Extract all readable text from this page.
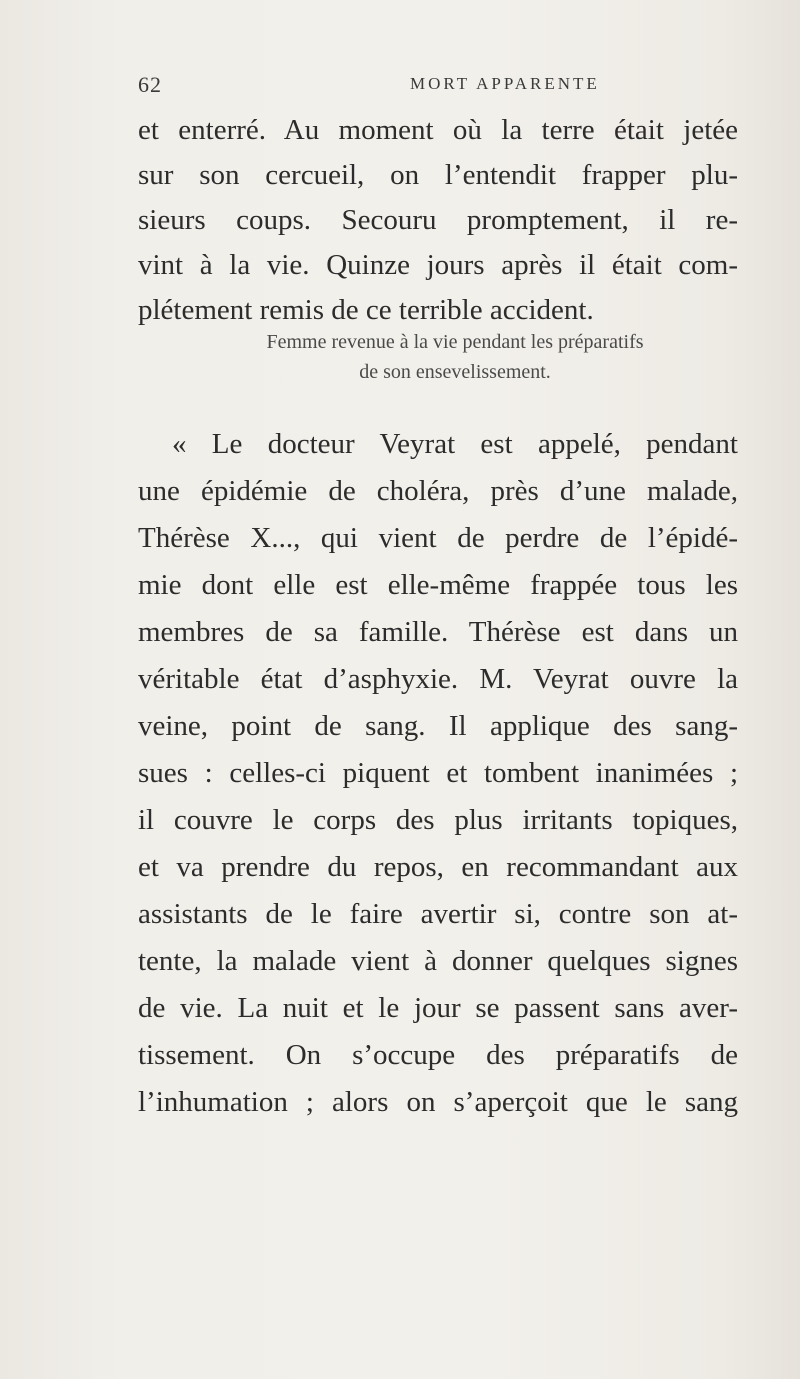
62	MORT APPARENTE
et enterré. Au moment où la terre était jetée
sur son cercueil, on l’entendit frapper plu-
sieurs coups. Secouru promptement, il re-
vint à la vie. Quinze jours après il était com-
plétement remis de ce terrible accident.
Femme revenue à la vie pendant les préparatifs
de son ensevelissement.
« Le docteur Veyrat est appelé, pendant
une épidémie de choléra, près d’une malade,
Thérèse X..., qui vient de perdre de l’épidé-
mie dont elle est elle-même frappée tous les
membres de sa famille. Thérèse est dans un
véritable état d’asphyxie. M. Veyrat ouvre la
veine, point de sang. Il applique des sang-
sues : celles-ci piquent et tombent inanimées ;
il couvre le corps des plus irritants topiques,
et va prendre du repos, en recommandant aux
assistants de le faire avertir si, contre son at-
tente, la malade vient à donner quelques signes
de vie. La nuit et le jour se passent sans aver-
tissement. On s’occupe des préparatifs de
l’inhumation ; alors on s’aperçoit que le sang
